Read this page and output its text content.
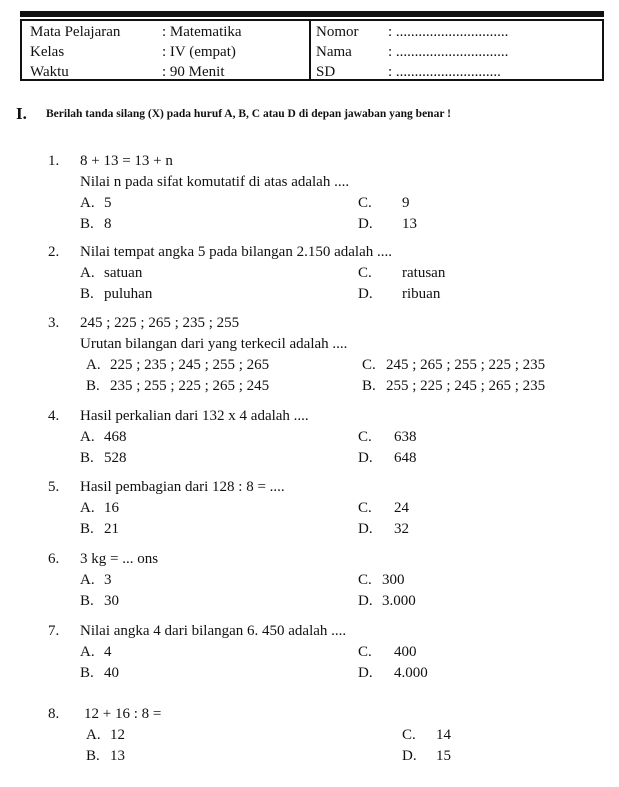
Mata Pelajaran	: Matematika	Nomor : ..............................
Kelas	: IV (empat)	Nama : ..............................
Waktu	: 90 Menit	SD	: ............................
I. Berilah tanda silang (X) pada huruf A, B, C atau D di depan jawaban yang benar !
1. 8 + 13 = 13 + n
Nilai n pada sifat komutatif di atas adalah ....
A. 5	C. 9
B. 8	D. 13
2. Nilai tempat angka 5 pada bilangan 2.150 adalah ....
A. satuan	C. ratusan
B. puluhan	D. ribuan
3. 245 ; 225 ; 265 ; 235 ; 255
Urutan bilangan dari yang terkecil adalah ....
A. 225 ; 235 ; 245 ; 255 ; 265	C. 245 ; 265 ; 255 ; 225 ; 235
B. 235 ; 255 ; 225 ; 265 ; 245	B. 255 ; 225 ; 245 ; 265 ; 235
4. Hasil perkalian dari 132 x 4 adalah ....
A. 468	C. 638
B. 528	D. 648
5. Hasil pembagian dari 128 : 8 = ....
A. 16	C. 24
B. 21	D. 32
6. 3 kg = ... ons
A. 3	C. 300
B. 30	D. 3.000
7. Nilai angka 4 dari bilangan 6. 450 adalah ....
A. 4	C. 400
B. 40	D. 4.000
8. 12 + 16 : 8 =
A. 12	C. 14
B. 13	D. 15
